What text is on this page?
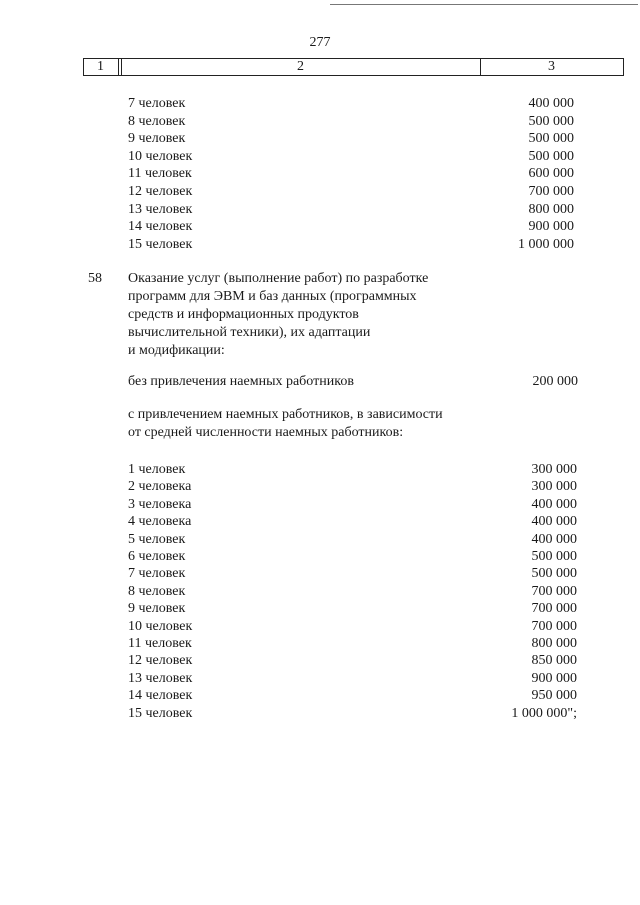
277
1	2	3
7 человек	400 000
8 человек	500 000
9 человек	500 000
10 человек	500 000
11 человек	600 000
12 человек	700 000
13 человек	800 000
14 человек	900 000
15 человек	1 000 000
58 Оказание услуг (выполнение работ) по разработке
программ для ЭВМ и баз данных (программных
средств и информационных продуктов
вычислительной техники), их адаптации
и модификации:
без привлечения наемных работников	200 000
с привлечением наемных работников, в зависимости
от средней численности наемных работников:
1 человек	300 000
2 человека	300 000
3 человека	400 000
4 человека	400 000
5 человек	400 000
6 человек	500 000
7 человек	500 000
8 человек	700 000
9 человек	700 000
10 человек	700 000
11 человек	800 000
12 человек	850 000
13 человек	900 000
14 человек	950 000
15 человек	1 000 000";
